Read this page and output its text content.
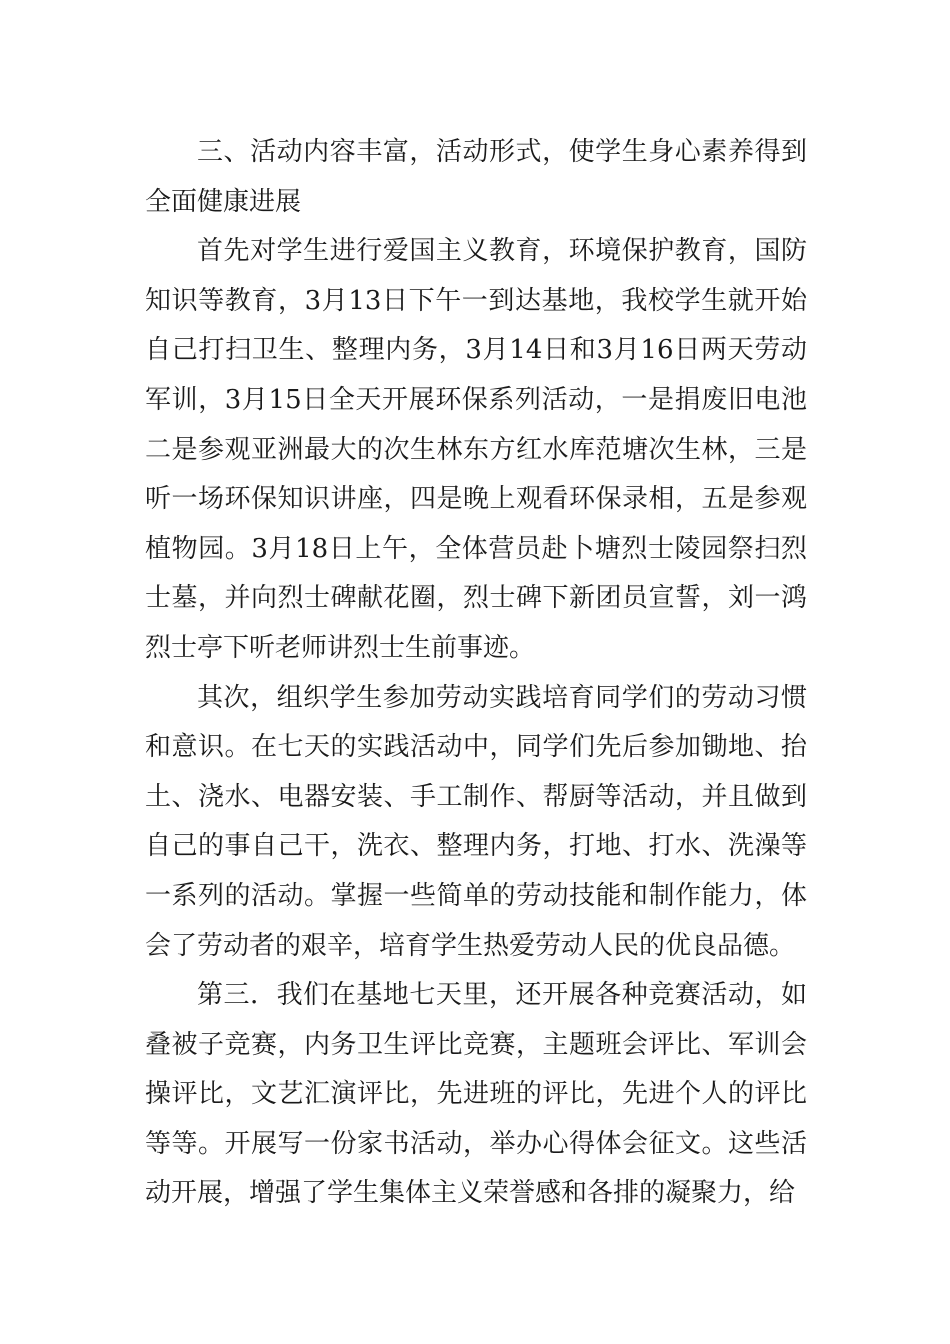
三、活动内容丰富，活动形式，使学生身心素养得到全面健康进展

首先对学生进行爱国主义教育，环境保护教育，国防知识等教育，3月13日下午一到达基地，我校学生就开始自己打扫卫生、整理内务，3月14日和3月16日两天劳动军训，3月15日全天开展环保系列活动，一是捐废旧电池二是参观亚洲最大的次生林东方红水库范塘次生林，三是听一场环保知识讲座，四是晚上观看环保录相，五是参观植物园。3月18日上午，全体营员赴卜塘烈士陵园祭扫烈士墓，并向烈士碑献花圈，烈士碑下新团员宣誓，刘一鸿烈士亭下听老师讲烈士生前事迹。

其次，组织学生参加劳动实践培育同学们的劳动习惯和意识。在七天的实践活动中，同学们先后参加锄地、抬土、浇水、电器安装、手工制作、帮厨等活动，并且做到自己的事自己干，洗衣、整理内务，打地、打水、洗澡等一系列的活动。掌握一些简单的劳动技能和制作能力，体会了劳动者的艰辛，培育学生热爱劳动人民的优良品德。

第三．我们在基地七天里，还开展各种竞赛活动，如叠被子竞赛，内务卫生评比竞赛，主题班会评比、军训会操评比，文艺汇演评比，先进班的评比，先进个人的评比等等。开展写一份家书活动，举办心得体会征文。这些活动开展，增强了学生集体主义荣誉感和各排的凝聚力，给
